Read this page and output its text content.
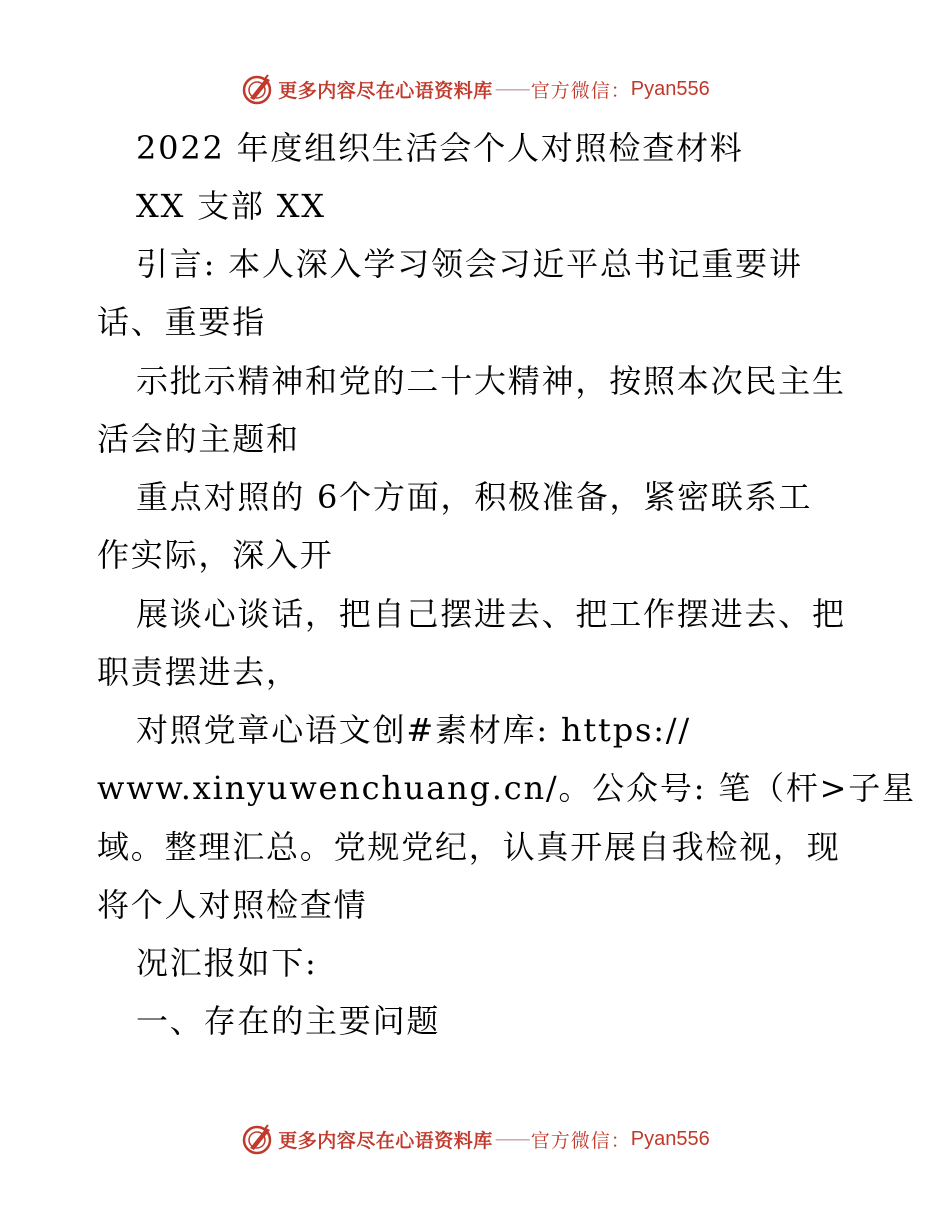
更多内容尽在心语资料库 —— 官方微信： Pyan556
2022 年度组织生活会个人对照检查材料
XX 支部 XX
引言: 本人深入学习领会习近平总书记重要讲
话、重要指
示批示精神和党的二十大精神，按照本次民主生
活会的主题和
重点对照的 6个方面，积极准备，紧密联系工
作实际，深入开
展谈心谈话，把自己摆进去、把工作摆进去、把
职责摆进去，
对照党章心语文创#素材库: https://
www.xinyuwenchuang.cn/。公众号: 笔（杆>子星
域。整理汇总。党规党纪，认真开展自我检视，现
将个人对照检查情
况汇报如下:
一、存在的主要问题
更多内容尽在心语资料库 —— 官方微信： Pyan556
